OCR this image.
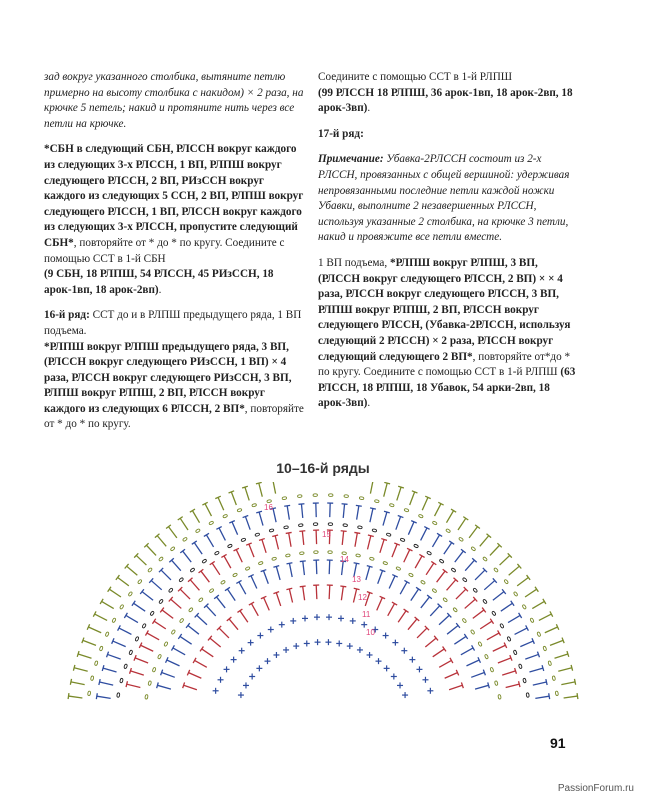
зад вокруг указанного столбика, вытяните петлю примерно на высоту столбика с накидом) × 2 раза, на крючке 5 петель; накид и протяните нить через все петли на крючке.

*СБН в следующий СБН, РЛССН вокруг каждого из следующих 3-х РЛССН, 1 ВП, РЛПШ вокруг следующего РЛССН, 2 ВП, РИзССН вокруг каждого из следующих 5 ССН, 2 ВП, РЛПШ вокруг следующего РЛССН, 1 ВП, РЛССН вокруг каждого из следующих 3-х РЛССН, пропустите следующий СБН*, повторяйте от * до * по кругу. Соедините с помощью ССТ в 1-й СБН
(9 СБН, 18 РЛПШ, 54 РЛССН, 45 РИзССН, 18 арок-1вп, 18 арок-2вп).

16-й ряд: ССТ до и в РЛПШ предыдущего ряда, 1 ВП подъема.
*РЛПШ вокруг РЛПШ предыдущего ряда, 3 ВП, (РЛССН вокруг следующего РИзССН, 1 ВП) × 4 раза, РЛССН вокруг следующего РИзССН, 3 ВП, РЛПШ вокруг РЛПШ, 2 ВП, РЛССН вокруг каждого из следующих 6 РЛССН, 2 ВП*, повторяйте от * до * по кругу.

Соедините с помощью ССТ в 1-й РЛПШ
(99 РЛССН 18 РЛПШ, 36 арок-1вп, 18 арок-2вп, 18 арок-3вп).

17-й ряд:

Примечание: Убавка-2РЛССН состоит из 2-х РЛССН, провязанных с общей вершиной: удерживая непровязанными последние петли каждой ножки Убавки, выполните 2 незавершенных РЛССН, используя указанные 2 столбика, на крючке 3 петли, накид и провяжите все петли вместе.

1 ВП подъема, *РЛПШ вокруг РЛПШ, 3 ВП, (РЛССН вокруг следующего РЛССН, 2 ВП) × × 4 раза, РЛССН вокруг следующего РЛССН, 3 ВП, РЛПШ вокруг РЛПШ, 2 ВП, РЛССН вокруг следующего РЛССН, (Убавка-2РЛССН, используя следующий 2 РЛССН) × 2 раза, РЛССН вокруг следующий следующего 2 ВП*, повторяйте от*до * по кругу. Соедините с помощью ССТ в 1-й РЛПШ (63 РЛССН, 18 РЛПШ, 18 Убавок, 54 арки-2вп, 18 арок-3вп).

10–16-й ряды
16
15
14
13
12
11
10
91
PassionForum.ru
